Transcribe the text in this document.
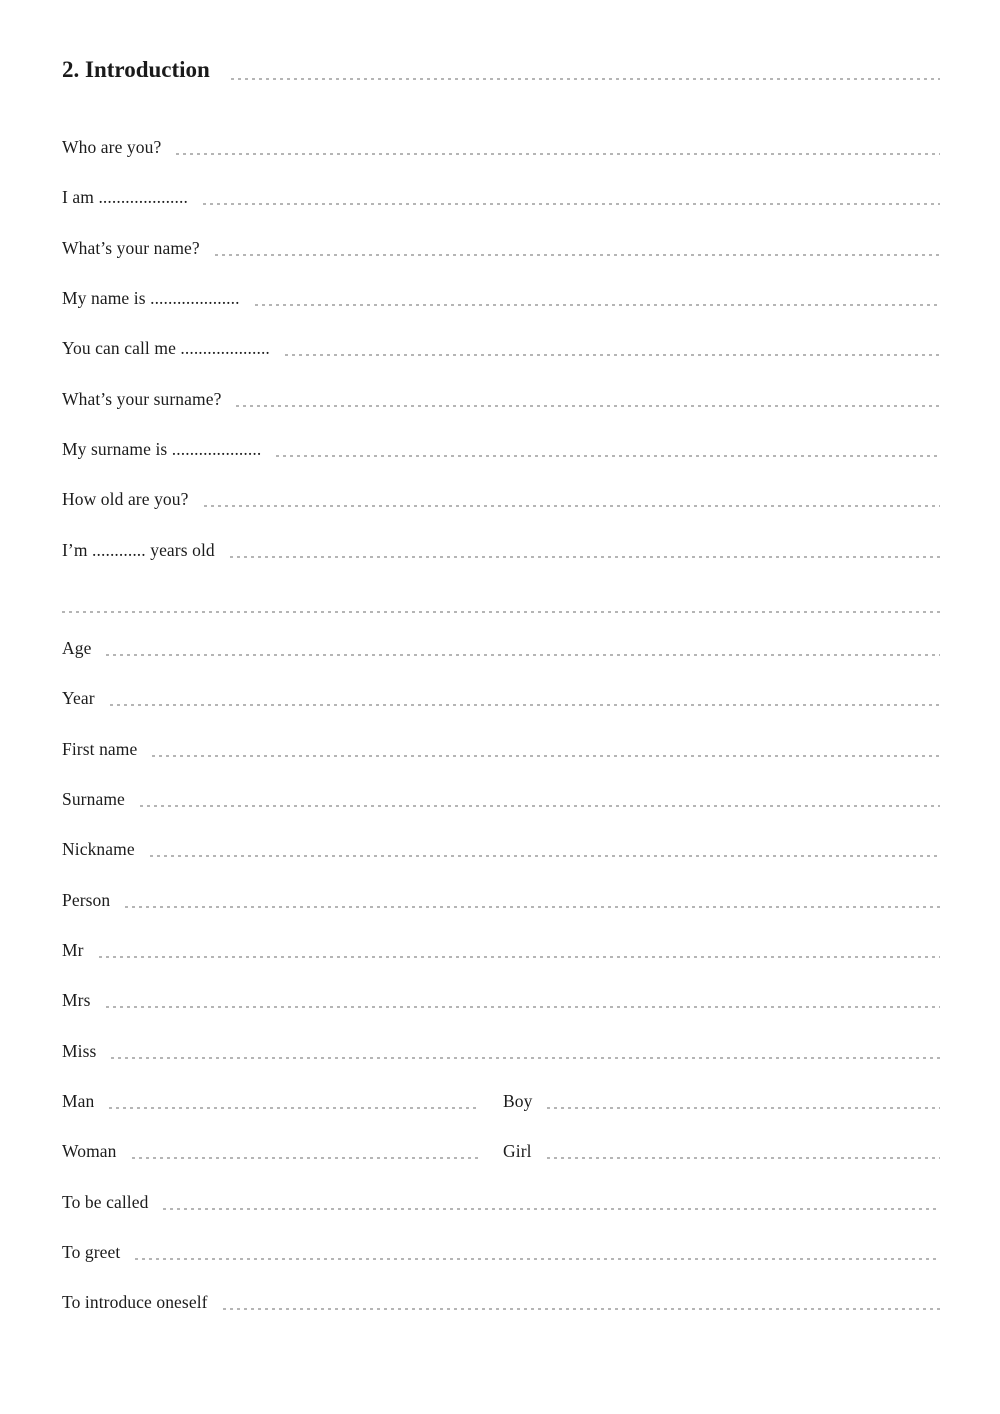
2. Introduction
Who are you?
I am ....................
What’s your name?
My name is ....................
You can call me ....................
What’s your surname?
My surname is ....................
How old are you?
I’m ............ years old
Age
Year
First name
Surname
Nickname
Person
Mr
Mrs
Miss
Man	Boy
Woman	Girl
To be called
To greet
To introduce oneself
